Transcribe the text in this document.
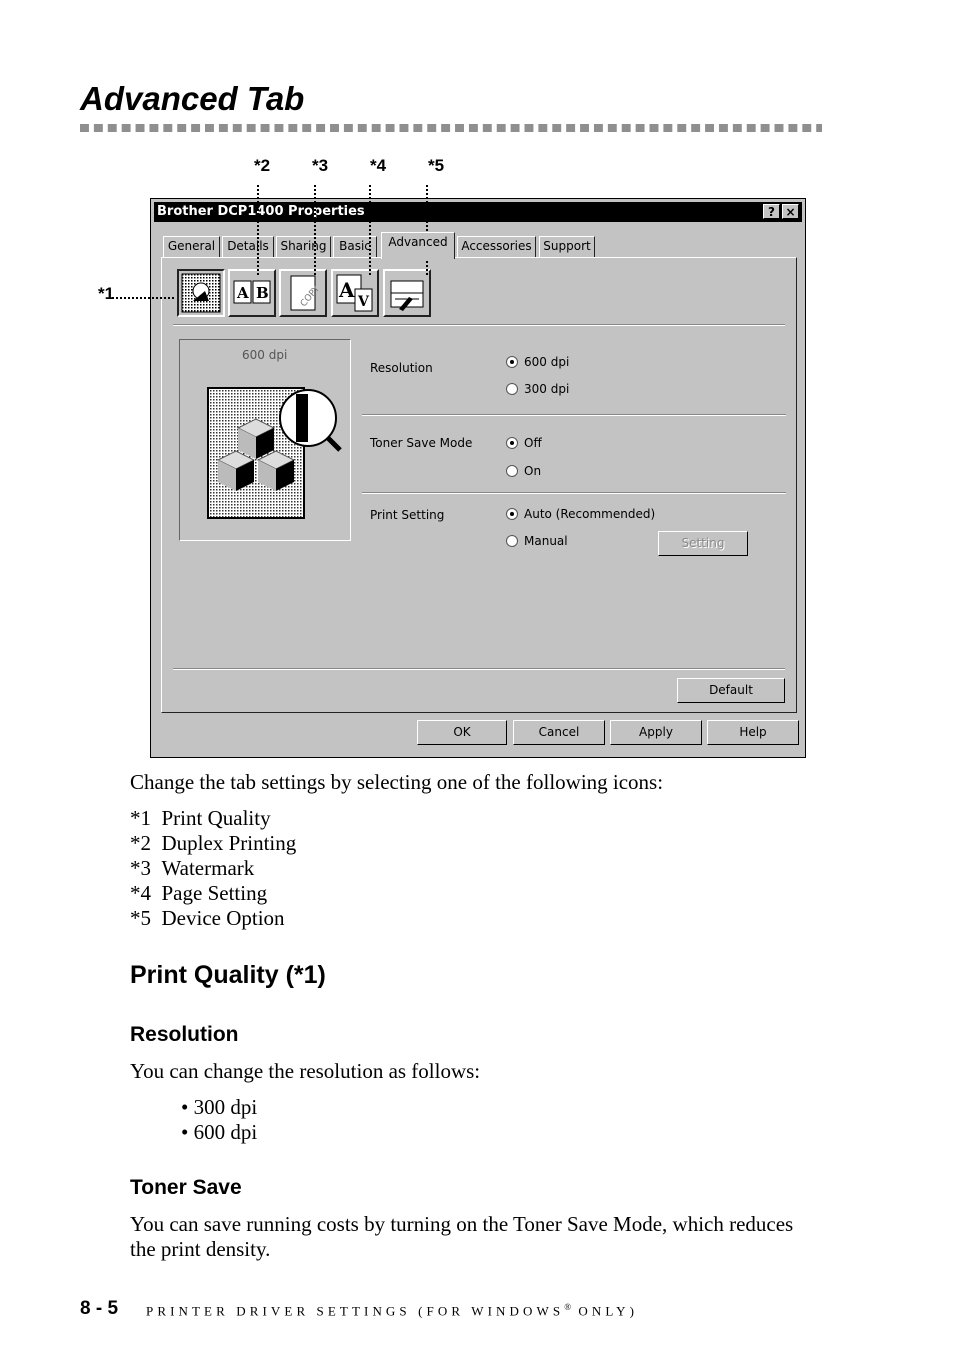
Advanced Tab
*1
*2 *3 *4 *5
Brother DCP1400 Properties	? ×
General	Details Sharing	Basic	Advanced	Accessories Support
A B	COPY A V
600 dpi
Resolution	600 dpi
300 dpi
Toner Save Mode	Off
On
Print Setting	Auto (Recommended)
Manual	Setting
Default
OK	Cancel	Apply	Help
Change the tab settings by selecting one of the following icons:
*1 Print Quality
*2 Duplex Printing
*3 Watermark
*4 Page Setting
*5 Device Option
Print Quality (*1)
Resolution
You can change the resolution as follows:
• 300 dpi
• 600 dpi
Toner Save
You can save running costs by turning on the Toner Save Mode, which reduces
the print density.
8 - 5 PRINTER DRIVER SETTINGS (FOR WINDOWS® ONLY)
